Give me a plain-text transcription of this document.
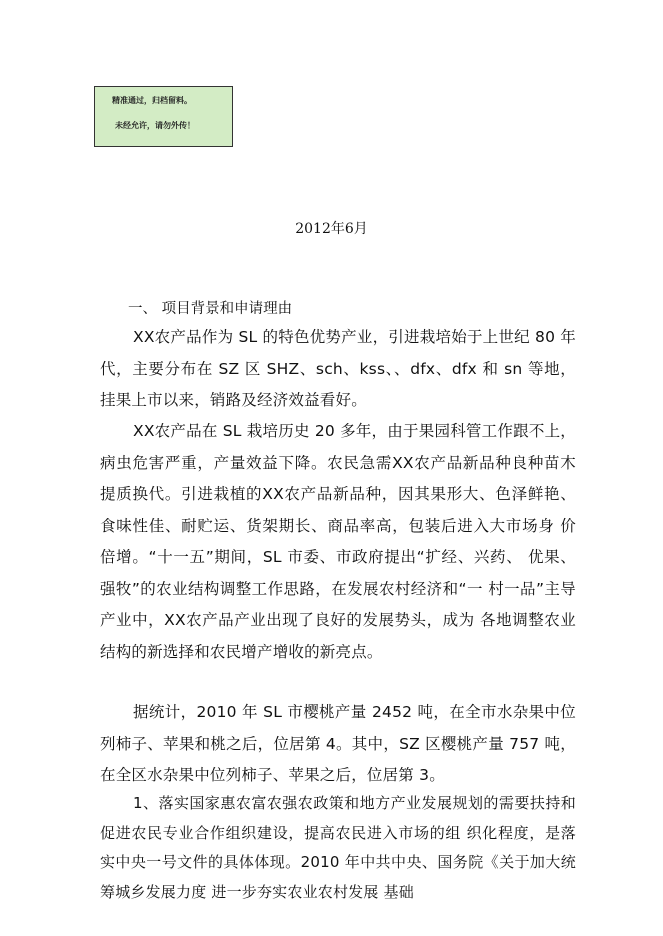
精准通过，归档留料。
未经允许，请勿外传！
2012年6月
一、 项目背景和申请理由
XX农产品作为 SL 的特色优势产业，引进栽培始于上世纪 80 年代，主要分布在 SZ 区 SHZ、sch、kss、、dfx、dfx 和 sn 等地，挂果上市以来，销路及经济效益看好。
XX农产品在 SL 栽培历史 20 多年，由于果园科管工作跟不上，病虫危害严重，产量效益下降。农民急需XX农产品新品种良种苗木 提质换代。引进栽植的XX农产品新品种，因其果形大、色泽鲜艳、 食味性佳、耐贮运、货架期长、商品率高，包装后进入大市场身 价倍增。“十一五”期间，SL 市委、市政府提出“扩经、兴药、 优果、强牧”的农业结构调整工作思路，在发展农村经济和“一 村一品”主导产业中，XX农产品产业出现了良好的发展势头，成为 各地调整农业结构的新选择和农民增产增收的新亮点。
据统计，2010 年 SL 市樱桃产量 2452 吨，在全市水杂果中位列柿子、苹果和桃之后，位居第 4。其中，SZ 区樱桃产量 757 吨，在全区水杂果中位列柿子、苹果之后，位居第 3。
1、落实国家惠农富农强农政策和地方产业发展规划的需要扶持和促进农民专业合作组织建设，提高农民进入市场的组 织化程度，是落实中央一号文件的具体体现。2010 年中共中央、国务院《关于加大统筹城乡发展力度 进一步夯实农业农村发展 基础
